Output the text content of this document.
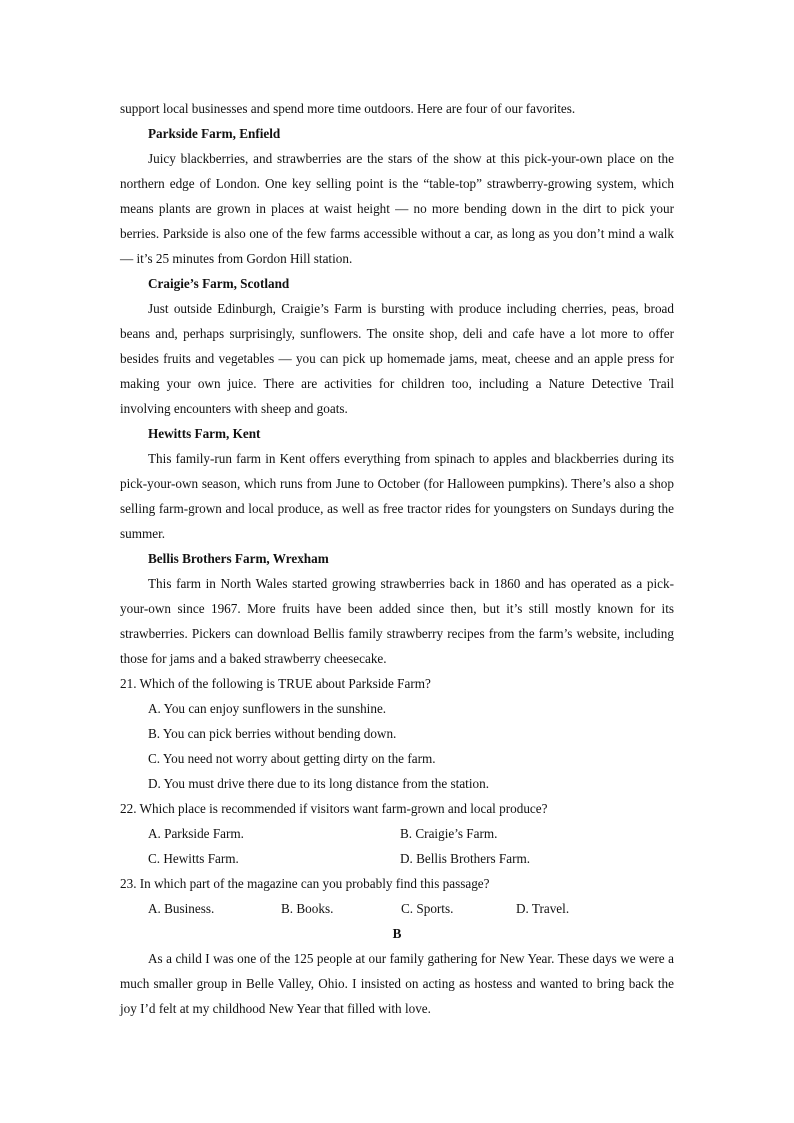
support local businesses and spend more time outdoors. Here are four of our favorites.

Parkside Farm, Enfield

Juicy blackberries, and strawberries are the stars of the show at this pick-your-own place on the northern edge of London. One key selling point is the “table-top” strawberry-growing system, which means plants are grown in places at waist height — no more bending down in the dirt to pick your berries. Parkside is also one of the few farms accessible without a car, as long as you don’t mind a walk — it’s 25 minutes from Gordon Hill station.

Craigie’s Farm, Scotland

Just outside Edinburgh, Craigie’s Farm is bursting with produce including cherries, peas, broad beans and, perhaps surprisingly, sunflowers. The onsite shop, deli and cafe have a lot more to offer besides fruits and vegetables — you can pick up homemade jams, meat, cheese and an apple press for making your own juice. There are activities for children too, including a Nature Detective Trail involving encounters with sheep and goats.

Hewitts Farm, Kent

This family-run farm in Kent offers everything from spinach to apples and blackberries during its pick-your-own season, which runs from June to October (for Halloween pumpkins). There’s also a shop selling farm-grown and local produce, as well as free tractor rides for youngsters on Sundays during the summer.

Bellis Brothers Farm, Wrexham

This farm in North Wales started growing strawberries back in 1860 and has operated as a pick-your-own since 1967. More fruits have been added since then, but it’s still mostly known for its strawberries. Pickers can download Bellis family strawberry recipes from the farm’s website, including those for jams and a baked strawberry cheesecake.

21. Which of the following is TRUE about Parkside Farm?

A. You can enjoy sunflowers in the sunshine.

B. You can pick berries without bending down.

C. You need not worry about getting dirty on the farm.

D. You must drive there due to its long distance from the station.

22. Which place is recommended if visitors want farm-grown and local produce?

A. Parkside Farm.	B. Craigie’s Farm.
C. Hewitts Farm.	D. Bellis Brothers Farm.

23. In which part of the magazine can you probably find this passage?

A. Business.	B. Books.	C. Sports.	D. Travel.

B

As a child I was one of the 125 people at our family gathering for New Year. These days we were a much smaller group in Belle Valley, Ohio. I insisted on acting as hostess and wanted to bring back the joy I’d felt at my childhood New Year that filled with love.
